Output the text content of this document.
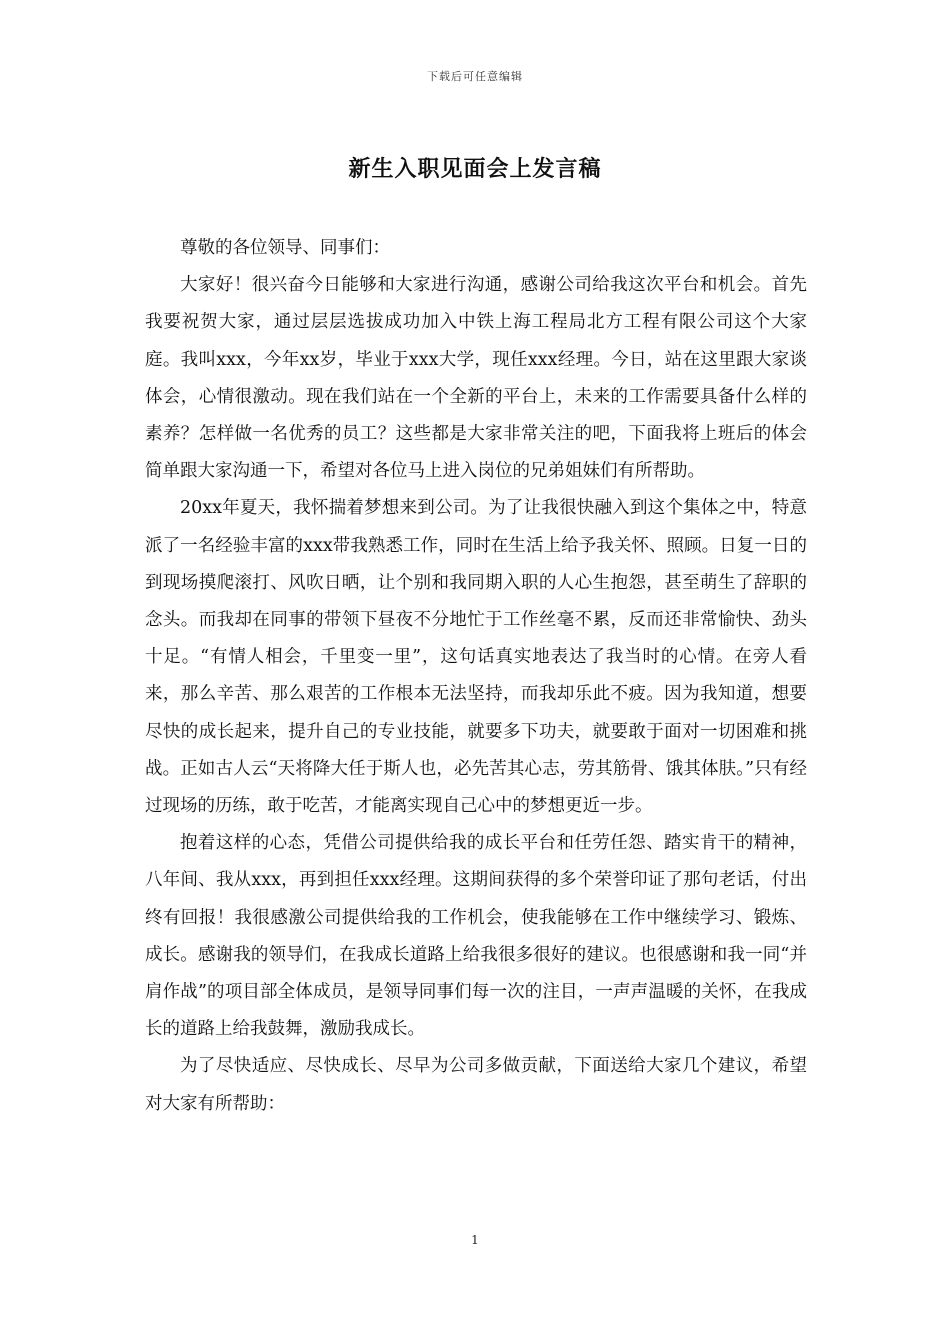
下载后可任意编辑
新生入职见面会上发言稿

尊敬的各位领导、同事们：

大家好！很兴奋今日能够和大家进行沟通，感谢公司给我这次平台和机会。首先我要祝贺大家，通过层层选拔成功加入中铁上海工程局北方工程有限公司这个大家庭。我叫xxx，今年xx岁，毕业于xxx大学，现任xxx经理。今日，站在这里跟大家谈体会，心情很激动。现在我们站在一个全新的平台上，未来的工作需要具备什么样的素养？怎样做一名优秀的员工？这些都是大家非常关注的吧，下面我将上班后的体会简单跟大家沟通一下，希望对各位马上进入岗位的兄弟姐妹们有所帮助。

20xx年夏天，我怀揣着梦想来到公司。为了让我很快融入到这个集体之中，特意派了一名经验丰富的xxx带我熟悉工作，同时在生活上给予我关怀、照顾。日复一日的到现场摸爬滚打、风吹日晒，让个别和我同期入职的人心生抱怨，甚至萌生了辞职的念头。而我却在同事的带领下昼夜不分地忙于工作丝毫不累，反而还非常愉快、劲头十足。“有情人相会，千里变一里”，这句话真实地表达了我当时的心情。在旁人看来，那么辛苦、那么艰苦的工作根本无法坚持，而我却乐此不疲。因为我知道，想要尽快的成长起来，提升自己的专业技能，就要多下功夫，就要敢于面对一切困难和挑战。正如古人云“天将降大任于斯人也，必先苦其心志，劳其筋骨、饿其体肤。”只有经过现场的历练，敢于吃苦，才能离实现自己心中的梦想更近一步。

抱着这样的心态，凭借公司提供给我的成长平台和任劳任怨、踏实肯干的精神，八年间、我从xxx，再到担任xxx经理。这期间获得的多个荣誉印证了那句老话，付出终有回报！我很感激公司提供给我的工作机会，使我能够在工作中继续学习、锻炼、成长。感谢我的领导们，在我成长道路上给我很多很好的建议。也很感谢和我一同“并肩作战”的项目部全体成员，是领导同事们每一次的注目，一声声温暖的关怀，在我成长的道路上给我鼓舞，激励我成长。

为了尽快适应、尽快成长、尽早为公司多做贡献，下面送给大家几个建议，希望对大家有所帮助：

1
